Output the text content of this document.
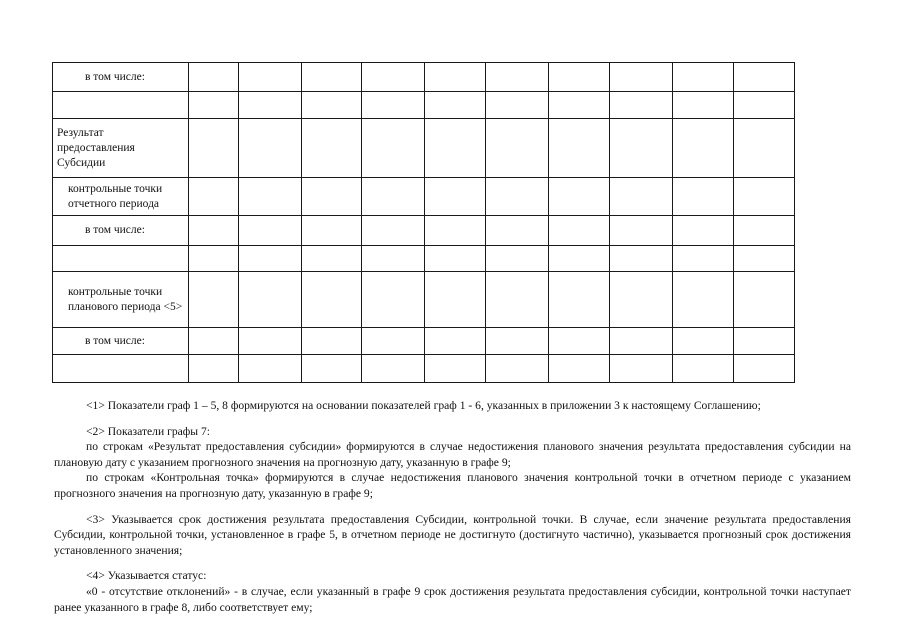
в том числе:										

Результат предоставления Субсидии										
контрольные точки отчетного периода										
в том числе:										

контрольные точки планового периода <5>										
в том числе:										

<1> Показатели граф 1 – 5, 8 формируются на основании показателей граф 1 - 6, указанных в приложении 3 к настоящему Соглашению;

<2> Показатели графы 7:

по строкам «Результат предоставления субсидии» формируются в случае недостижения планового значения результата предоставления субсидии на плановую дату с указанием прогнозного значения на прогнозную дату, указанную в графе 9;

по строкам «Контрольная точка» формируются в случае недостижения планового значения контрольной точки в отчетном периоде с указанием прогнозного значения на прогнозную дату, указанную в графе 9;

<3> Указывается срок достижения результата предоставления Субсидии, контрольной точки. В случае, если значение результата предоставления Субсидии, контрольной точки, установленное в графе 5, в отчетном периоде не достигнуто (достигнуто частично), указывается прогнозный срок достижения установленного значения;

<4> Указывается статус:

«0 - отсутствие отклонений» - в случае, если указанный в графе 9 срок достижения результата предоставления субсидии, контрольной точки наступает ранее указанного в графе 8, либо соответствует ему;
